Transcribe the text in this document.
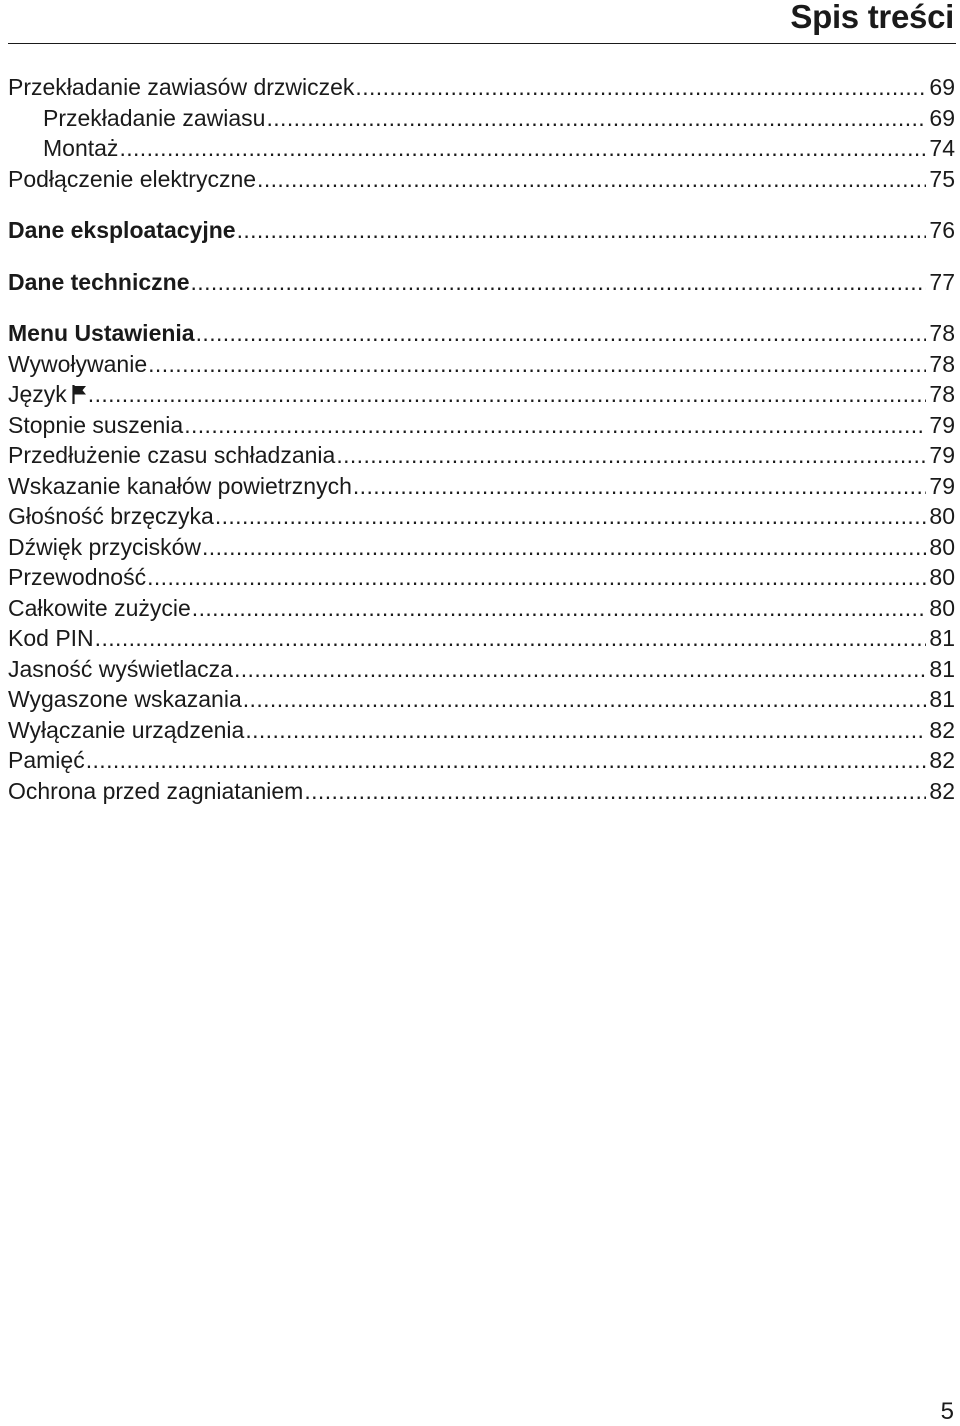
Spis treści
Przekładanie zawiasów drzwiczek .....	69
Przekładanie zawiasu .....	69
Montaż .....	74
Podłączenie elektryczne .....	75
Dane eksploatacyjne .....	76
Dane techniczne .....	77
Menu Ustawienia .....	78
Wywoływanie .....	78
Język .....	78
Stopnie suszenia .....	79
Przedłużenie czasu schładzania .....	79
Wskazanie kanałów powietrznych .....	79
Głośność brzęczyka .....	80
Dźwięk przycisków .....	80
Przewodność .....	80
Całkowite zużycie .....	80
Kod PIN .....	81
Jasność wyświetlacza .....	81
Wygaszone wskazania .....	81
Wyłączanie urządzenia .....	82
Pamięć .....	82
Ochrona przed zagniataniem .....	82
5
